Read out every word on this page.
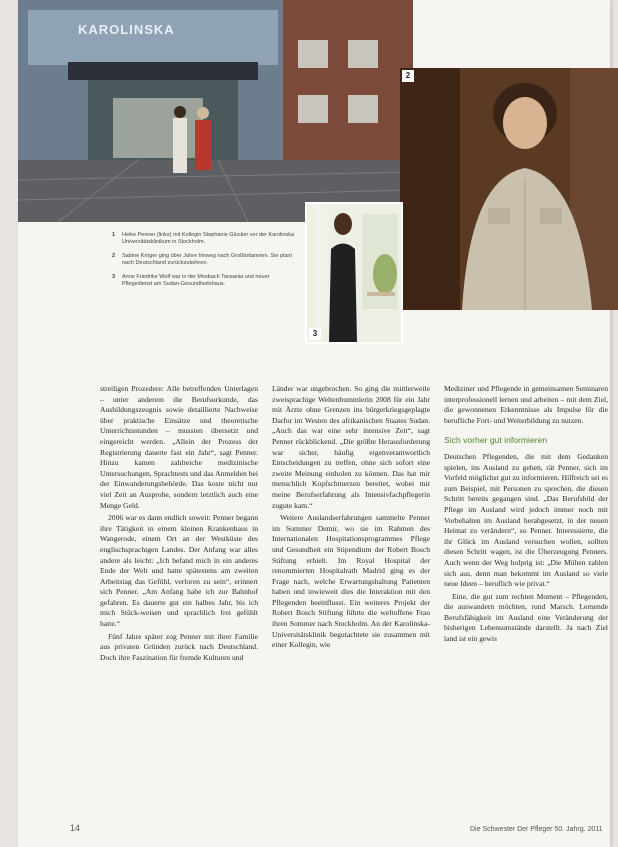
KAROLINSKA
2
3
1 Heike Penner (links) mit Kollegin Stephanie Glocker vor der Karolinska Universitätsklinikum in Stockholm.
2 Sabine Kröger ging über Jahre hinweg nach Großbritannien. Sie plant nach Deutschland zurückzukehren.
3 Anne Friedrike Wolf war in der Mosbach Tansania und neuer Pflegedienst am Sudan-Gesundheitshaus.

streiligen Prozedere: Alle betreffenden Unterlagen – unter anderem die Berufsurkunde, das Ausbildungszeugnis sowie detaillierte Nachweise über praktische Einsätze und theoretische Unterrichtsstunden – mussten übersetzt und eingereicht werden. „Allein der Prozess der Registrierung dauerte fast ein Jahr“, sagt Penner. Hinzu kamen zahlreiche medizinische Untersuchungen, Sprachtests und das Anmelden bei der Einwanderungsbehörde. Das koste nicht nur viel Zeit an Ausprobe, sondern letztlich auch eine Menge Geld.

2006 war es dann endlich soweit: Penner begann ihre Tätigkeit in einem kleinen Krankenhaus in Wangerode, einem Ort an der Westküste des englischsprachigen Landes. Der Anfang war alles andere als leicht: „Ich befand mich in ein anderes Ende der Welt und hatte spätestens am zweiten Arbeitstag das Gefühl, verloren zu sein“, erinnert sich Penner. „Am Anfang habe ich zur Bahnhof gefahren. Es dauerte gut ein halbes Jahr, bis ich mich Stück-weisen und sprachlich frei gefühlt hatte.“

Fünf Jahre später zog Penner mit ihrer Familie aus privaten Gründen zurück nach Deutschland. Doch ihre Faszination für fremde Kulturen und

Länder war ungebrochen. So ging die mittlerweile zweisprachige Weltenbummlerin 2008 für ein Jahr mit Ärzte ohne Grenzen ins bürgerkriegsgeplagte Darfur im Westen des afrikanischen Staates Sudan. „Auch das war eine sehr intensive Zeit“, sagt Penner rückblickend. „Die größte Herausforderung war sicher, häufig eigenverantwortlich Entscheidungen zu treffen, ohne sich sofort eine zweite Meinung einholen zu können. Das hat mir menschlich Kopfschmerzen bereitet, wobei mir meine Berufserfahrung als Intensivfachpflegerin zugute kam.“

Weitere Auslandserfahrungen sammelte Penner im Sommer Demir, wo sie im Rahmen des Internationalen Hospitationsprogrammes Pflege und Gesundheit ein Stipendium der Robert Bosch Stiftung erhielt. Im Royal Hospital der renommierten Hospitalrath Madrid ging es der Frage nach, welche Erwartungshaltung Patienten haben und inwieweit dies die Interaktion mit den Pflegenden beeinflusst. Ein weiteres Projekt der Robert Bosch Stiftung führte die weltoffene Frau ihren Sommer nach Stockholm. An der Karolinska-Universitätsklinik begutachtete sie zusammen mit einer Kollegin, wie

Mediziner und Pflegende in gemeinsamen Seminaren interprofessionell lernen und arbeiten – mit dem Ziel, die gewonnenen Erkenntnisse als Impulse für die berufliche Fort- und Weiterbildung zu nutzen.

Sich vorher gut informieren

Deutschen Pflegenden, die mit dem Gedanken spielen, ins Ausland zu gehen, rät Penner, sich im Vorfeld möglichst gut zu informieren. Hilfreich sei es zum Beispiel, mit Personen zu sprechen, die diesen Schritt bereits gegangen sind. „Das Berufsbild der Pflege im Ausland wird jedoch immer noch mit Vorbehalten im Ausland herabgesetzt, in der neuen Heimat zu verändern“, so Penner. Interessierte, die ihr Glück im Ausland versuchen wollen, sollten diesen Schritt wagen, ist die Überzeugung Penners. Auch wenn der Weg holprig ist: „Die Mühen zahlen sich aus, denn man bekommt im Ausland so viele neue Ideen – beruflich wie privat.“

Eine, die gut zum rechten Moment – Pflegenden, die auswandern möchten, rund Marsch. Lernende Berufsfähigkeit im Ausland eine Veränderung der bisherigen Lebensumstände darstellt. Ja nach Ziel land ist ein gewis

14	Die Schwester Der Pfleger 50. Jahrg. 2011
